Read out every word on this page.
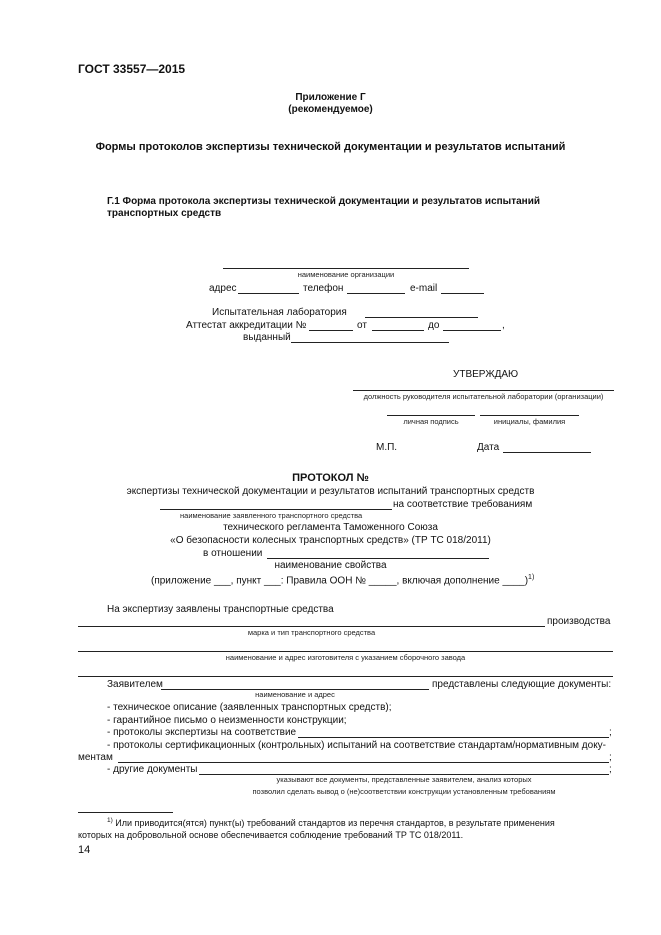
ГОСТ 33557—2015
Приложение Г
(рекомендуемое)
Формы протоколов экспертизы технической документации и результатов испытаний
Г.1 Форма протокола экспертизы технической документации и результатов испытаний
транспортных средств
наименование организации
адрес	телефон	e-mail
Испытательная лаборатория
Аттестат аккредитации №	от	до	,
выданный
УТВЕРЖДАЮ
должность руководителя испытательной лаборатории (организации)
личная подпись	инициалы, фамилия
М.П.	Дата
ПРОТОКОЛ №
экспертизы технической документации и результатов испытаний транспортных средств
на соответствие требованиям
наименование заявленного транспортного средства
технического регламента Таможенного Союза
«О безопасности колесных транспортных средств» (ТР ТС 018/2011)
в отношении
наименование свойства
(приложение ___, пункт ___: Правила ООН № _____, включая дополнение ____)$^{1)}$
На экспертизу заявлены транспортные средства
производства
марка и тип транспортного средства
наименование и адрес изготовителя с указанием сборочного завода
Заявителем	представлены следующие документы:
наименование и адрес
- техническое описание (заявленных транспортных средств);
- гарантийное письмо о неизменности конструкции;
- протоколы экспертизы на соответствие	;
- протоколы сертификационных (контрольных) испытаний на соответствие стандартам/нормативным доку-
ментам	;
- другие документы	;
указывают все документы, представленные заявителем, анализ которых
позволил сделать вывод о (не)соответствии конструкции установленным требованиям
$^{1)}$ Или приводится(ятся) пункт(ы) требований стандартов из перечня стандартов, в результате применения
которых на добровольной основе обеспечивается соблюдение требований ТР ТС 018/2011.
14
